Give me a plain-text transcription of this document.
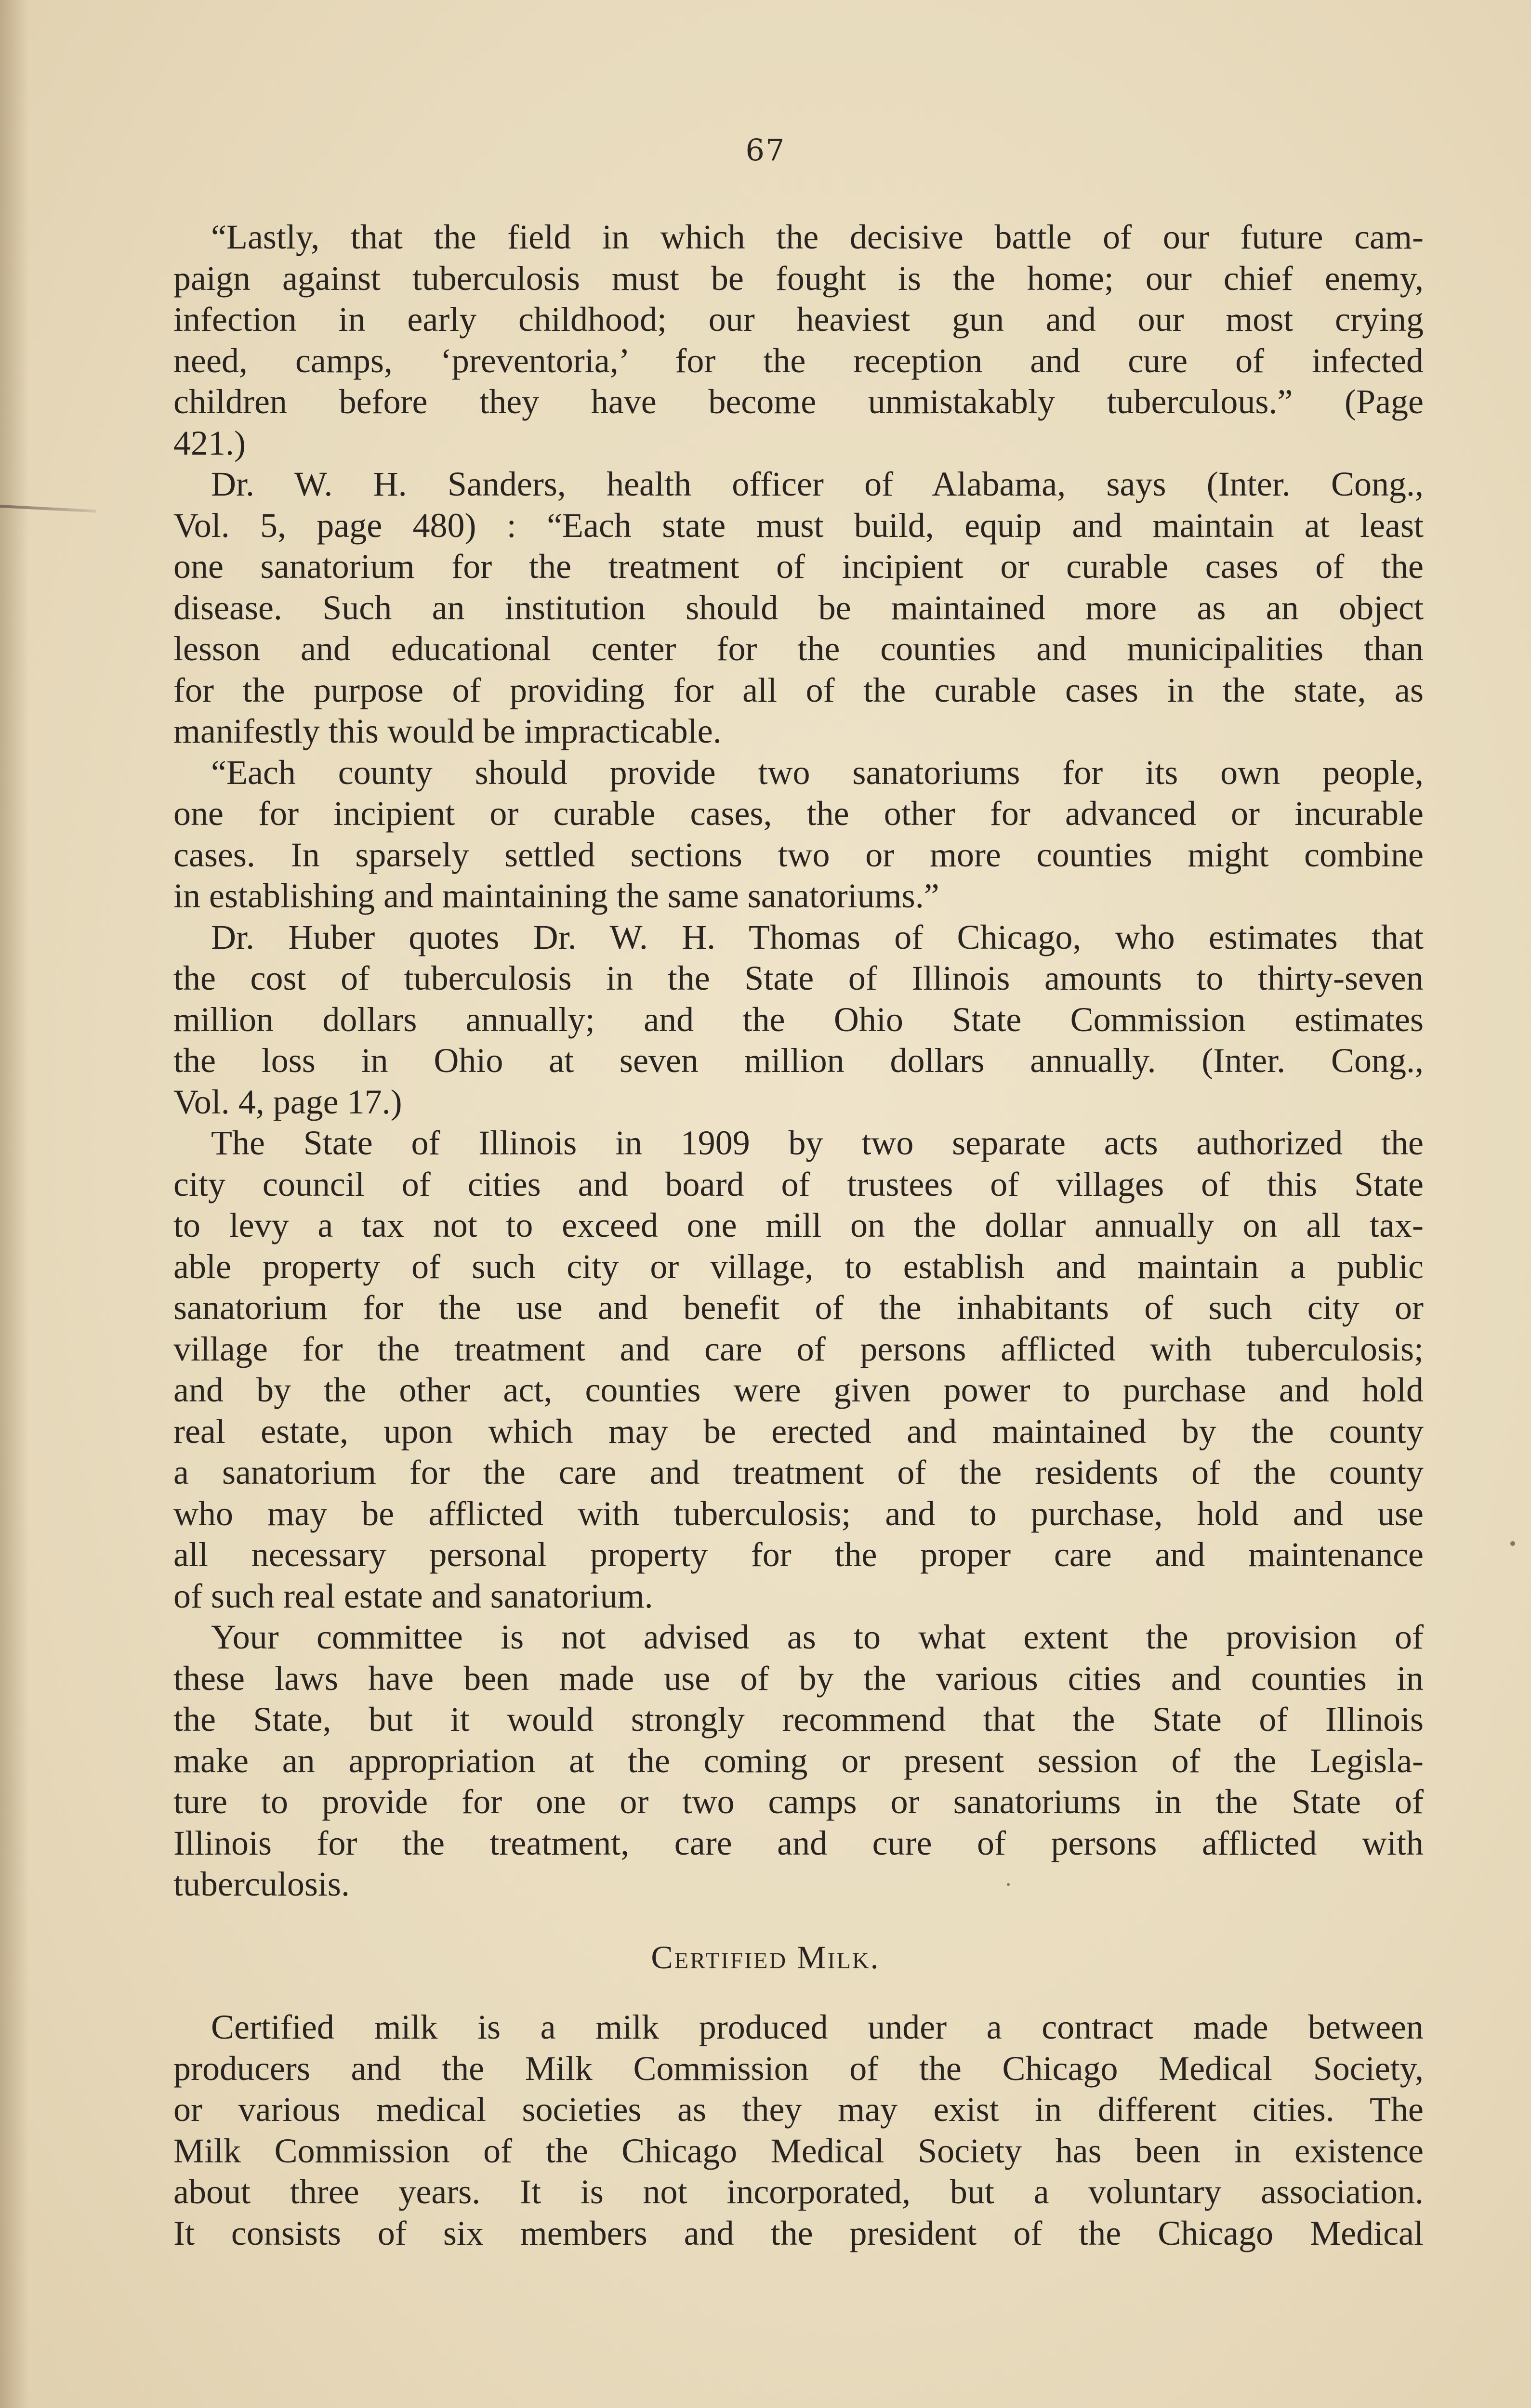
67
“Lastly, that the field in which the decisive battle of our future cam-
paign against tuberculosis must be fought is the home; our chief enemy,
infection in early childhood; our heaviest gun and our most crying
need, camps, ‘preventoria,’ for the reception and cure of infected
children before they have become unmistakably tuberculous.” (Page
421.)
Dr. W. H. Sanders, health officer of Alabama, says (Inter. Cong.,
Vol. 5, page 480) : “Each state must build, equip and maintain at least
one sanatorium for the treatment of incipient or curable cases of the
disease. Such an institution should be maintained more as an object
lesson and educational center for the counties and municipalities than
for the purpose of providing for all of the curable cases in the state, as
manifestly this would be impracticable.
“Each county should provide two sanatoriums for its own people,
one for incipient or curable cases, the other for advanced or incurable
cases. In sparsely settled sections two or more counties might combine
in establishing and maintaining the same sanatoriums.”
Dr. Huber quotes Dr. W. H. Thomas of Chicago, who estimates that
the cost of tuberculosis in the State of Illinois amounts to thirty-seven
million dollars annually; and the Ohio State Commission estimates
the loss in Ohio at seven million dollars annually. (Inter. Cong.,
Vol. 4, page 17.)
The State of Illinois in 1909 by two separate acts authorized the
city council of cities and board of trustees of villages of this State
to levy a tax not to exceed one mill on the dollar annually on all tax-
able property of such city or village, to establish and maintain a public
sanatorium for the use and benefit of the inhabitants of such city or
village for the treatment and care of persons afflicted with tuberculosis;
and by the other act, counties were given power to purchase and hold
real estate, upon which may be erected and maintained by the county
a sanatorium for the care and treatment of the residents of the county
who may be afflicted with tuberculosis; and to purchase, hold and use
all necessary personal property for the proper care and maintenance
of such real estate and sanatorium.
Your committee is not advised as to what extent the provision of
these laws have been made use of by the various cities and counties in
the State, but it would strongly recommend that the State of Illinois
make an appropriation at the coming or present session of the Legisla-
ture to provide for one or two camps or sanatoriums in the State of
Illinois for the treatment, care and cure of persons afflicted with
tuberculosis.
Certified Milk.
Certified milk is a milk produced under a contract made between
producers and the Milk Commission of the Chicago Medical Society,
or various medical societies as they may exist in different cities. The
Milk Commission of the Chicago Medical Society has been in existence
about three years. It is not incorporated, but a voluntary association.
It consists of six members and the president of the Chicago Medical
